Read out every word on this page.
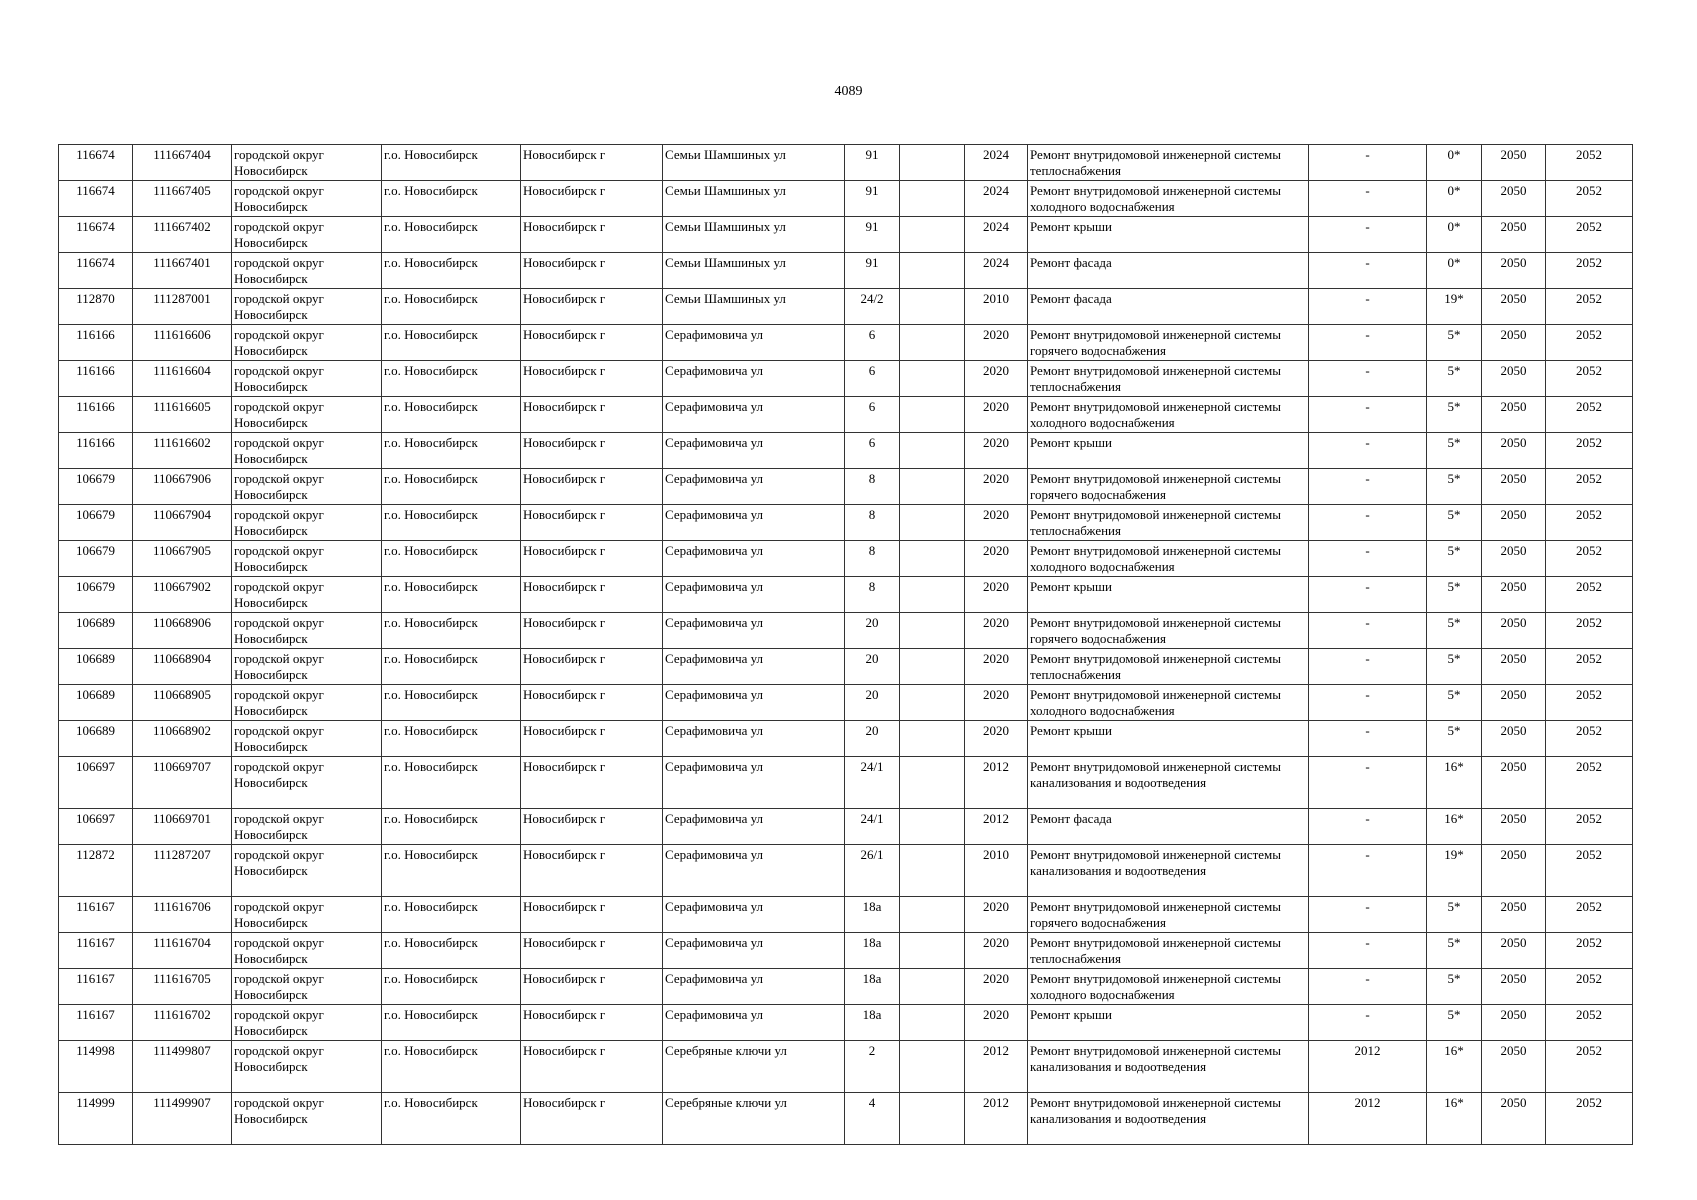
4089
116674	111667404	городской округ Новосибирск	г.о. Новосибирск	Новосибирск г	Семьи Шамшиных ул	91		2024	Ремонт внутридомовой инженерной системы теплоснабжения	-	0*	2050	2052
116674	111667405	городской округ Новосибирск	г.о. Новосибирск	Новосибирск г	Семьи Шамшиных ул	91		2024	Ремонт внутридомовой инженерной системы холодного водоснабжения	-	0*	2050	2052
116674	111667402	городской округ Новосибирск	г.о. Новосибирск	Новосибирск г	Семьи Шамшиных ул	91		2024	Ремонт крыши	-	0*	2050	2052
116674	111667401	городской округ Новосибирск	г.о. Новосибирск	Новосибирск г	Семьи Шамшиных ул	91		2024	Ремонт фасада	-	0*	2050	2052
112870	111287001	городской округ Новосибирск	г.о. Новосибирск	Новосибирск г	Семьи Шамшиных ул	24/2		2010	Ремонт фасада	-	19*	2050	2052
116166	111616606	городской округ Новосибирск	г.о. Новосибирск	Новосибирск г	Серафимовича ул	6		2020	Ремонт внутридомовой инженерной системы горячего водоснабжения	-	5*	2050	2052
116166	111616604	городской округ Новосибирск	г.о. Новосибирск	Новосибирск г	Серафимовича ул	6		2020	Ремонт внутридомовой инженерной системы теплоснабжения	-	5*	2050	2052
116166	111616605	городской округ Новосибирск	г.о. Новосибирск	Новосибирск г	Серафимовича ул	6		2020	Ремонт внутридомовой инженерной системы холодного водоснабжения	-	5*	2050	2052
116166	111616602	городской округ Новосибирск	г.о. Новосибирск	Новосибирск г	Серафимовича ул	6		2020	Ремонт крыши	-	5*	2050	2052
106679	110667906	городской округ Новосибирск	г.о. Новосибирск	Новосибирск г	Серафимовича ул	8		2020	Ремонт внутридомовой инженерной системы горячего водоснабжения	-	5*	2050	2052
106679	110667904	городской округ Новосибирск	г.о. Новосибирск	Новосибирск г	Серафимовича ул	8		2020	Ремонт внутридомовой инженерной системы теплоснабжения	-	5*	2050	2052
106679	110667905	городской округ Новосибирск	г.о. Новосибирск	Новосибирск г	Серафимовича ул	8		2020	Ремонт внутридомовой инженерной системы холодного водоснабжения	-	5*	2050	2052
106679	110667902	городской округ Новосибирск	г.о. Новосибирск	Новосибирск г	Серафимовича ул	8		2020	Ремонт крыши	-	5*	2050	2052
106689	110668906	городской округ Новосибирск	г.о. Новосибирск	Новосибирск г	Серафимовича ул	20		2020	Ремонт внутридомовой инженерной системы горячего водоснабжения	-	5*	2050	2052
106689	110668904	городской округ Новосибирск	г.о. Новосибирск	Новосибирск г	Серафимовича ул	20		2020	Ремонт внутридомовой инженерной системы теплоснабжения	-	5*	2050	2052
106689	110668905	городской округ Новосибирск	г.о. Новосибирск	Новосибирск г	Серафимовича ул	20		2020	Ремонт внутридомовой инженерной системы холодного водоснабжения	-	5*	2050	2052
106689	110668902	городской округ Новосибирск	г.о. Новосибирск	Новосибирск г	Серафимовича ул	20		2020	Ремонт крыши	-	5*	2050	2052
106697	110669707	городской округ Новосибирск	г.о. Новосибирск	Новосибирск г	Серафимовича ул	24/1		2012	Ремонт внутридомовой инженерной системы канализования и водоотведения	-	16*	2050	2052
106697	110669701	городской округ Новосибирск	г.о. Новосибирск	Новосибирск г	Серафимовича ул	24/1		2012	Ремонт фасада	-	16*	2050	2052
112872	111287207	городской округ Новосибирск	г.о. Новосибирск	Новосибирск г	Серафимовича ул	26/1		2010	Ремонт внутридомовой инженерной системы канализования и водоотведения	-	19*	2050	2052
116167	111616706	городской округ Новосибирск	г.о. Новосибирск	Новосибирск г	Серафимовича ул	18а		2020	Ремонт внутридомовой инженерной системы горячего водоснабжения	-	5*	2050	2052
116167	111616704	городской округ Новосибирск	г.о. Новосибирск	Новосибирск г	Серафимовича ул	18а		2020	Ремонт внутридомовой инженерной системы теплоснабжения	-	5*	2050	2052
116167	111616705	городской округ Новосибирск	г.о. Новосибирск	Новосибирск г	Серафимовича ул	18а		2020	Ремонт внутридомовой инженерной системы холодного водоснабжения	-	5*	2050	2052
116167	111616702	городской округ Новосибирск	г.о. Новосибирск	Новосибирск г	Серафимовича ул	18а		2020	Ремонт крыши	-	5*	2050	2052
114998	111499807	городской округ Новосибирск	г.о. Новосибирск	Новосибирск г	Серебряные ключи ул	2		2012	Ремонт внутридомовой инженерной системы канализования и водоотведения	2012	16*	2050	2052
114999	111499907	городской округ Новосибирск	г.о. Новосибирск	Новосибирск г	Серебряные ключи ул	4		2012	Ремонт внутридомовой инженерной системы канализования и водоотведения	2012	16*	2050	2052
